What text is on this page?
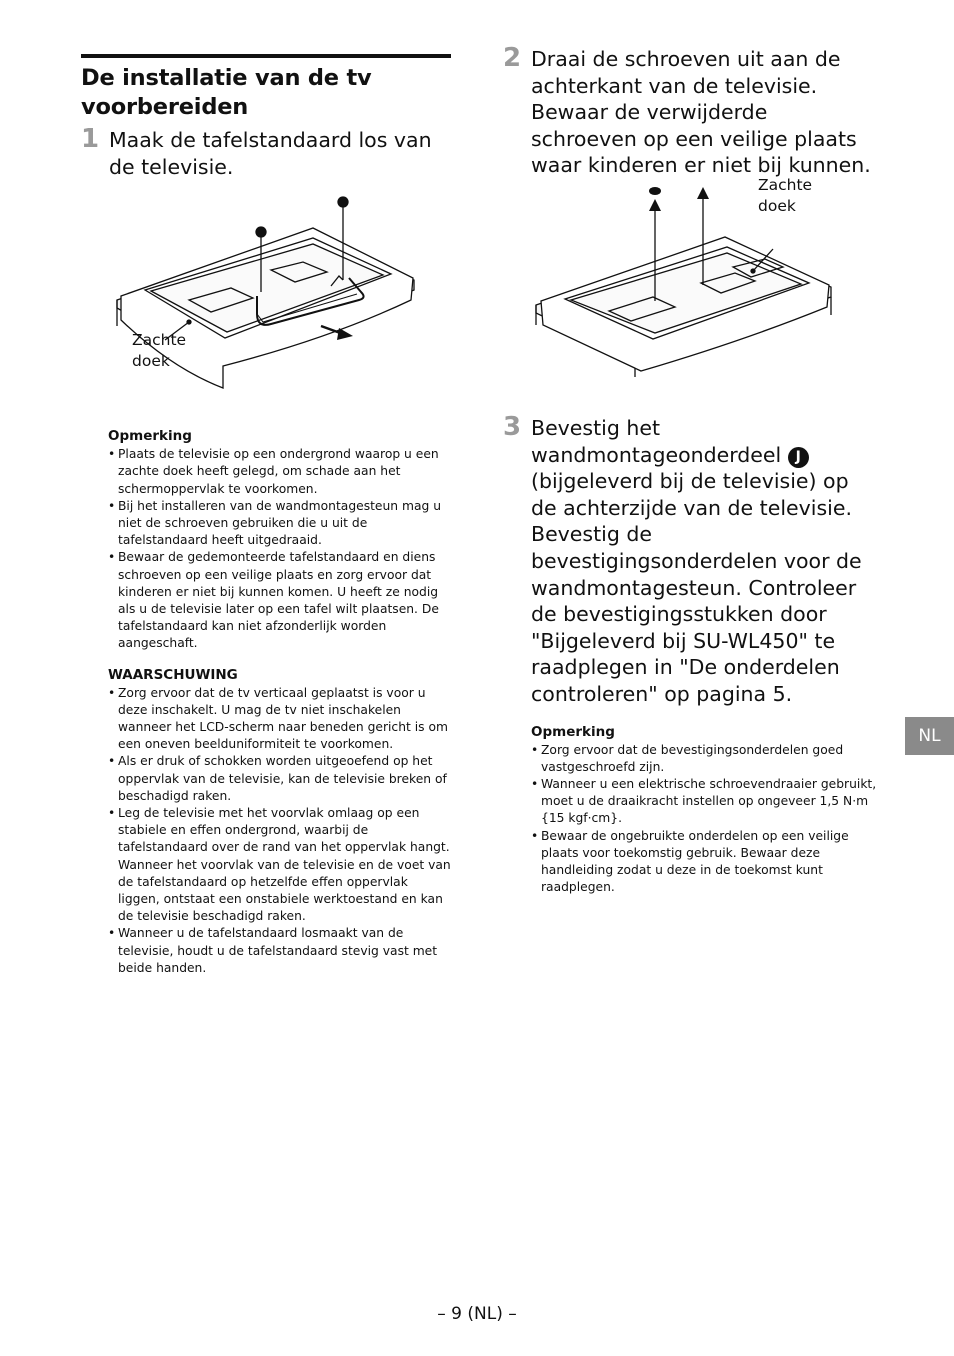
De installatie van de tv voorbereiden
1 Maak de tafelstandaard los van de televisie.
Zachte
doek
Opmerking
• Plaats de televisie op een ondergrond waarop u een zachte doek heeft gelegd, om schade aan het schermoppervlak te voorkomen.
• Bij het installeren van de wandmontagesteun mag u niet de schroeven gebruiken die u uit de tafelstandaard heeft uitgedraaid.
• Bewaar de gedemonteerde tafelstandaard en diens schroeven op een veilige plaats en zorg ervoor dat kinderen er niet bij kunnen komen. U heeft ze nodig als u de televisie later op een tafel wilt plaatsen. De tafelstandaard kan niet afzonderlijk worden aangeschaft.
WAARSCHUWING
• Zorg ervoor dat de tv verticaal geplaatst is voor u deze inschakelt. U mag de tv niet inschakelen wanneer het LCD-scherm naar beneden gericht is om een oneven beelduniformiteit te voorkomen.
• Als er druk of schokken worden uitgeoefend op het oppervlak van de televisie, kan de televisie breken of beschadigd raken.
• Leg de televisie met het voorvlak omlaag op een stabiele en effen ondergrond, waarbij de tafelstandaard over de rand van het oppervlak hangt. Wanneer het voorvlak van de televisie en de voet van de tafelstandaard op hetzelfde effen oppervlak liggen, ontstaat een onstabiele werktoestand en kan de televisie beschadigd raken.
• Wanneer u de tafelstandaard losmaakt van de televisie, houdt u de tafelstandaard stevig vast met beide handen.
2 Draai de schroeven uit aan de achterkant van de televisie. Bewaar de verwijderde schroeven op een veilige plaats waar kinderen er niet bij kunnen.
Zachte
doek
3 Bevestig het wandmontageonderdeel J (bijgeleverd bij de televisie) op de achterzijde van de televisie. Bevestig de bevestigingsonderdelen voor de wandmontagesteun. Controleer de bevestigingsstukken door "Bijgeleverd bij SU-WL450" te raadplegen in "De onderdelen controleren" op pagina 5.
Opmerking
• Zorg ervoor dat de bevestigingsonderdelen goed vastgeschroefd zijn.
• Wanneer u een elektrische schroevendraaier gebruikt, moet u de draaikracht instellen op ongeveer 1,5 N·m {15 kgf·cm}.
• Bewaar de ongebruikte onderdelen op een veilige plaats voor toekomstig gebruik. Bewaar deze handleiding zodat u deze in de toekomst kunt raadplegen.
NL
– 9 (NL) –
